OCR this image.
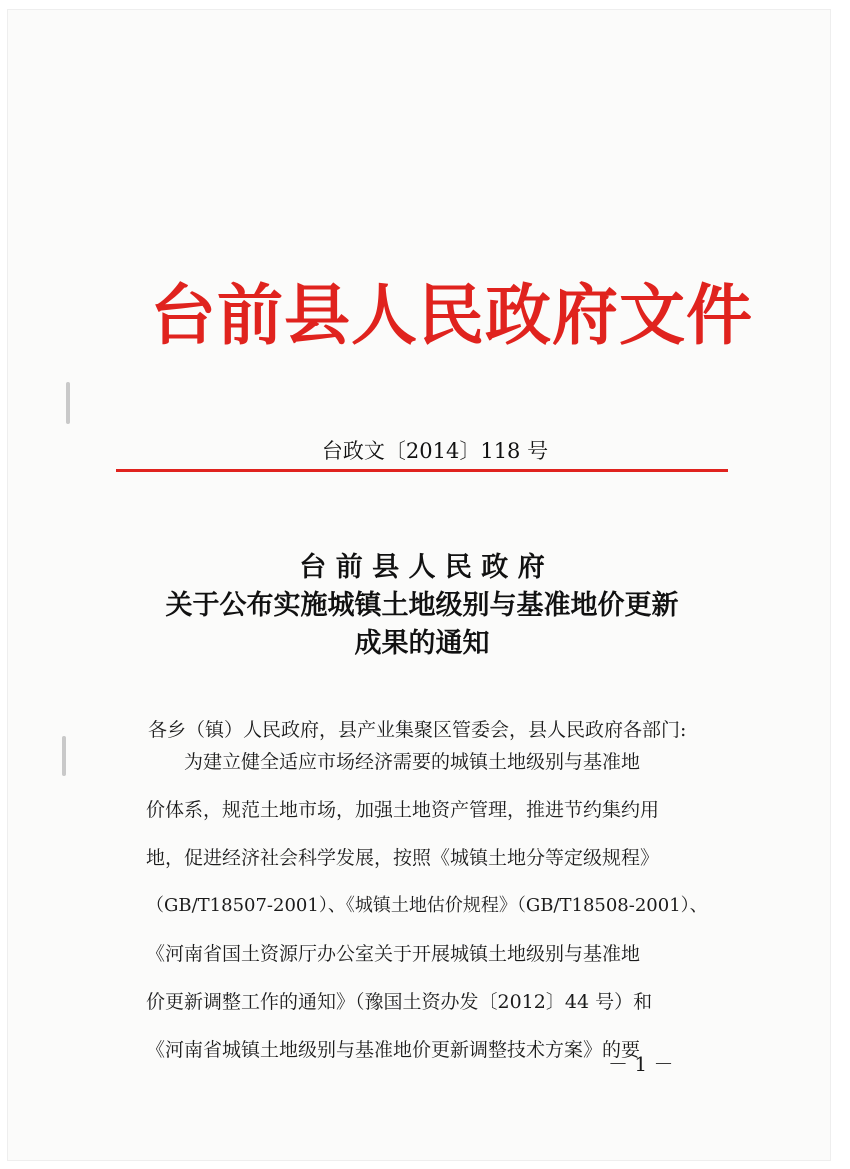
台前县人民政府文件
台政文〔2014〕118 号
台 前 县 人 民 政 府
关于公布实施城镇土地级别与基准地价更新
成果的通知
各乡（镇）人民政府，县产业集聚区管委会，县人民政府各部门:
为建立健全适应市场经济需要的城镇土地级别与基准地
价体系，规范土地市场，加强土地资产管理，推进节约集约用
地，促进经济社会科学发展，按照《城镇土地分等定级规程》
（GB/T18507-2001）、《城镇土地估价规程》（GB/T18508-2001）、
《河南省国土资源厅办公室关于开展城镇土地级别与基准地
价更新调整工作的通知》（豫国土资办发〔2012〕44 号）和
《河南省城镇土地级别与基准地价更新调整技术方案》的要
－ 1 －
